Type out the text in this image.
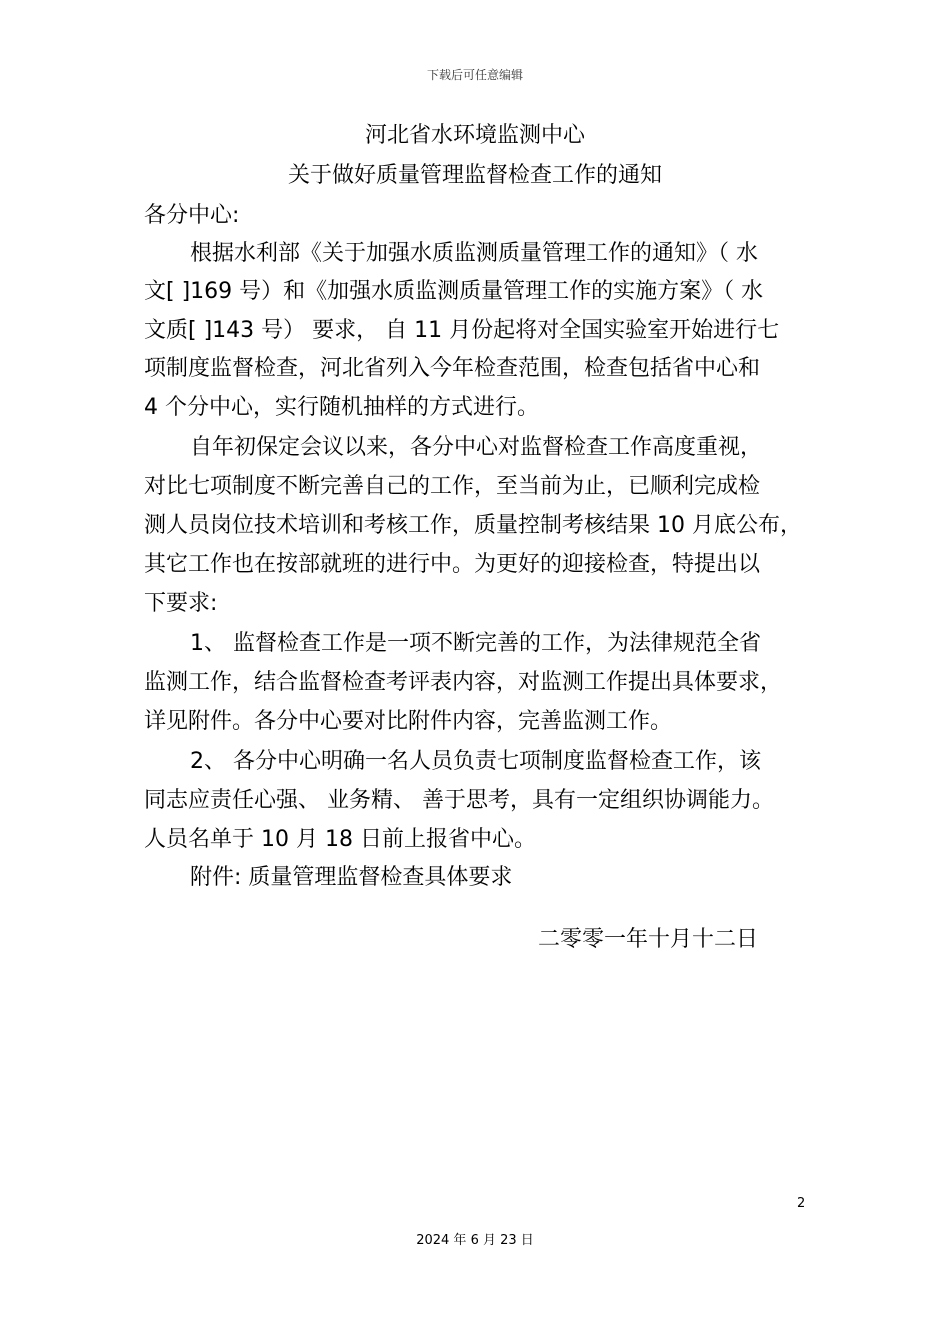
下载后可任意编辑
河北省水环境监测中心
关于做好质量管理监督检查工作的通知
各分中心:
根据水利部《关于加强水质监测质量管理工作的通知》（ 水
文[ ]169 号）和《加强水质监测质量管理工作的实施方案》（ 水
文质[ ]143 号） 要求， 自 11 月份起将对全国实验室开始进行七
项制度监督检查，河北省列入今年检查范围，检查包括省中心和
4 个分中心，实行随机抽样的方式进行。
自年初保定会议以来，各分中心对监督检查工作高度重视，
对比七项制度不断完善自己的工作，至当前为止，已顺利完成检
测人员岗位技术培训和考核工作，质量控制考核结果 10 月底公布，
其它工作也在按部就班的进行中。为更好的迎接检查，特提出以
下要求:
1、 监督检查工作是一项不断完善的工作，为法律规范全省
监测工作，结合监督检查考评表内容，对监测工作提出具体要求，
详见附件。各分中心要对比附件内容，完善监测工作。
2、 各分中心明确一名人员负责七项制度监督检查工作，该
同志应责任心强、 业务精、 善于思考，具有一定组织协调能力。
人员名单于 10 月 18 日前上报省中心。
附件: 质量管理监督检查具体要求
二零零一年十月十二日
2
2024 年 6 月 23 日
